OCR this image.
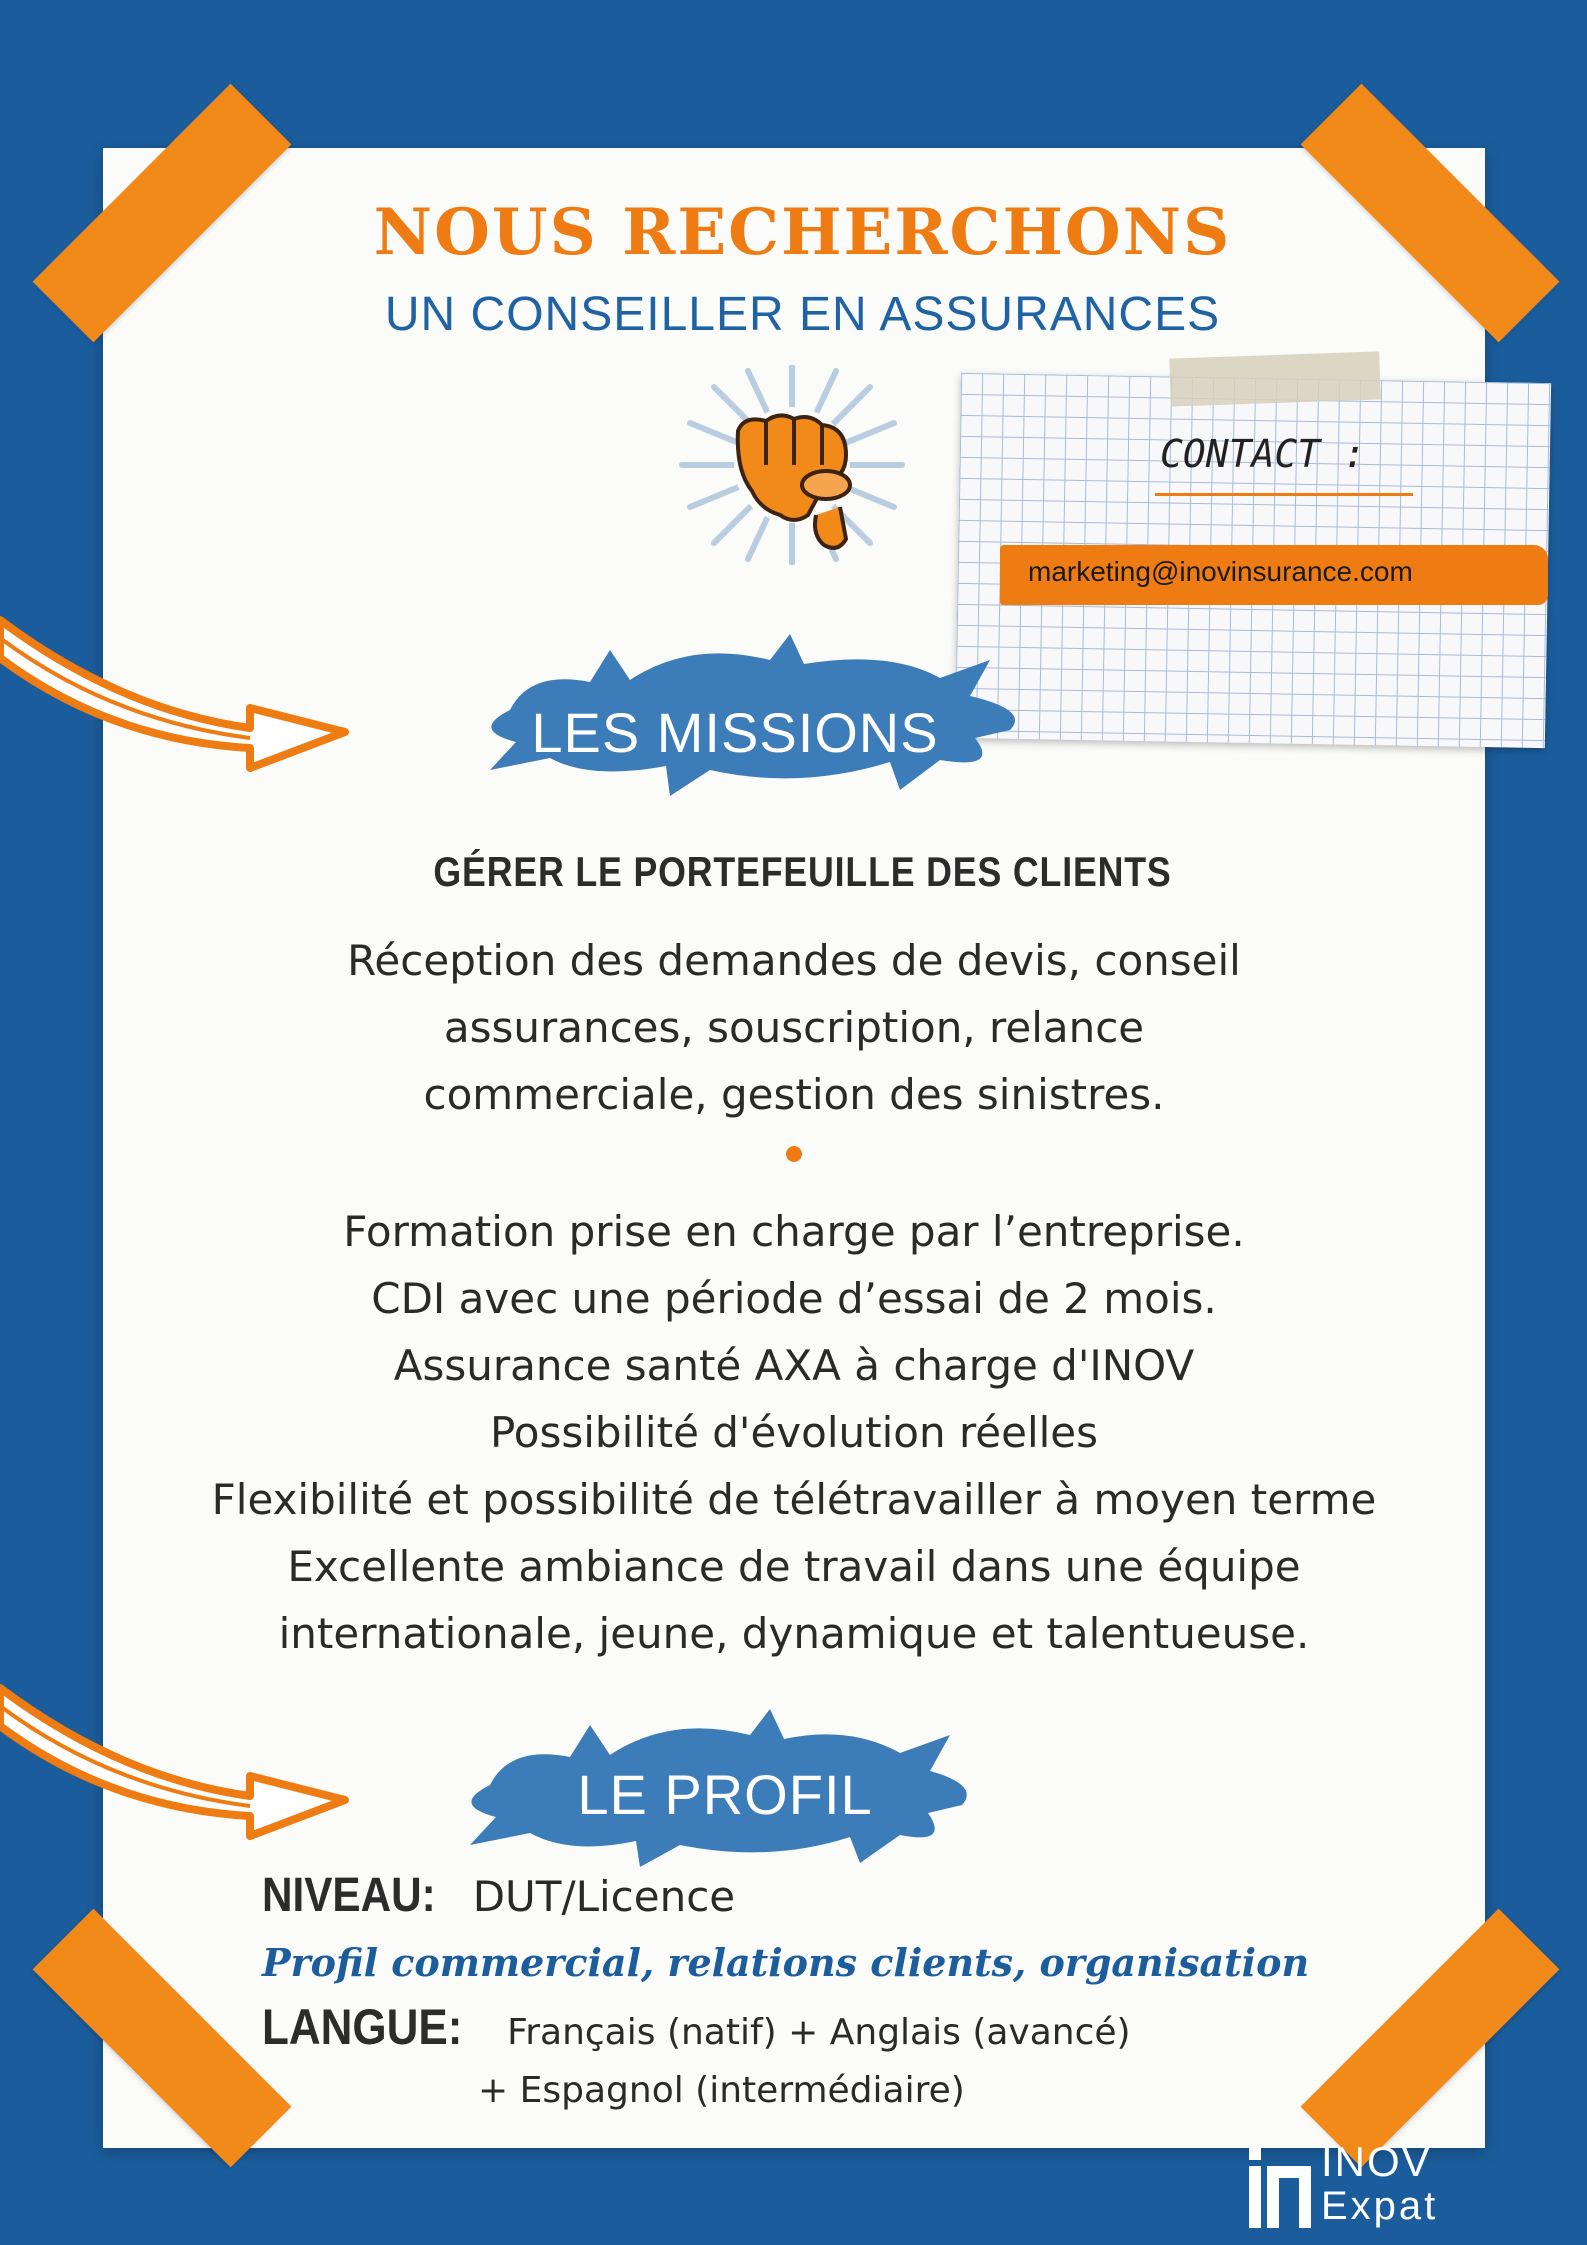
NOUS RECHERCHONS
UN CONSEILLER EN ASSURANCES
CONTACT :
marketing@inovinsurance.com
LES MISSIONS
GÉRER LE PORTEFEUILLE DES CLIENTS
Réception des demandes de devis, conseil
assurances, souscription, relance
commerciale, gestion des sinistres.
Formation prise en charge par l’entreprise.
CDI avec une période d’essai de 2 mois.
Assurance santé AXA à charge d'INOV
Possibilité d'évolution réelles
Flexibilité et possibilité de télétravailler à moyen terme
Excellente ambiance de travail dans une équipe
internationale, jeune, dynamique et talentueuse.
LE PROFIL
NIVEAU: DUT/Licence
Profil commercial, relations clients, organisation
LANGUE: Français (natif) + Anglais (avancé)
+ Espagnol (intermédiaire)
INOV
Expat
